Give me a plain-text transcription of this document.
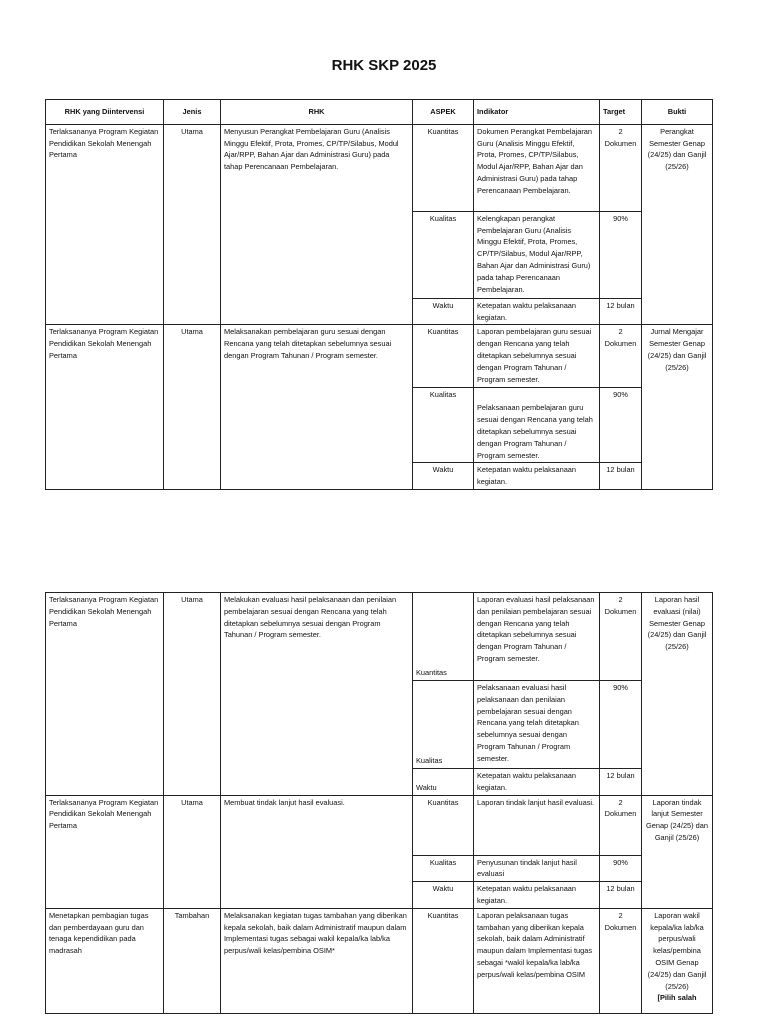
RHK SKP 2025
RHK yang Diintervensi	Jenis	RHK	ASPEK	Indikator	Target	Bukti
Terlaksananya Program Kegiatan Pendidikan Sekolah Menengah Pertama	Utama	Menyusun Perangkat Pembelajaran Guru (Analisis Minggu Efektif, Prota, Promes, CP/TP/Silabus, Modul Ajar/RPP, Bahan Ajar dan Administrasi Guru) pada tahap Perencanaan Pembelajaran.	Kuantitas	Dokumen Perangkat Pembelajaran Guru (Analisis Minggu Efektif, Prota, Promes, CP/TP/Silabus, Modul Ajar/RPP, Bahan Ajar dan Administrasi Guru) pada tahap Perencanaan Pembelajaran.	2 Dokumen	Perangkat Semester Genap (24/25) dan Ganjil (25/26)
			Kualitas	Kelengkapan perangkat Pembelajaran Guru (Analisis Minggu Efektif, Prota, Promes, CP/TP/Silabus, Modul Ajar/RPP, Bahan Ajar dan Administrasi Guru) pada tahap Perencanaan Pembelajaran.	90%	
			Waktu	Ketepatan waktu pelaksanaan kegiatan.	12 bulan	
Terlaksananya Program Kegiatan Pendidikan Sekolah Menengah Pertama	Utama	Melaksanakan pembelajaran guru sesuai dengan Rencana yang telah ditetapkan sebelumnya sesuai dengan Program Tahunan / Program semester.	Kuantitas	Laporan pembelajaran guru sesuai dengan Rencana yang telah ditetapkan sebelumnya sesuai dengan Program Tahunan / Program semester.	2 Dokumen	Jurnal Mengajar Semester Genap (24/25) dan Ganjil (25/26)
			Kualitas	Pelaksanaan pembelajaran guru sesuai dengan Rencana yang telah ditetapkan sebelumnya sesuai dengan Program Tahunan / Program semester.	90%	
			Waktu	Ketepatan waktu pelaksanaan kegiatan.	12 bulan	
Terlaksananya Program Kegiatan Pendidikan Sekolah Menengah Pertama	Utama	Melakukan evaluasi hasil pelaksanaan dan penilaian pembelajaran sesuai dengan Rencana yang telah ditetapkan sebelumnya sesuai dengan Program Tahunan / Program semester.	Kuantitas	Laporan evaluasi hasil pelaksanaan dan penilaian pembelajaran sesuai dengan Rencana yang telah ditetapkan sebelumnya sesuai dengan Program Tahunan / Program semester.	2 Dokumen	Laporan hasil evaluasi (nilai) Semester Genap (24/25) dan Ganjil (25/26)
			Kualitas	Pelaksanaan evaluasi hasil pelaksanaan dan penilaian pembelajaran sesuai dengan Rencana yang telah ditetapkan sebelumnya sesuai dengan Program Tahunan / Program semester.	90%	
			Waktu	Ketepatan waktu pelaksanaan kegiatan.	12 bulan	
Terlaksananya Program Kegiatan Pendidikan Sekolah Menengah Pertama	Utama	Membuat tindak lanjut hasil evaluasi.	Kuantitas	Laporan tindak lanjut hasil evaluasi.	2 Dokumen	Laporan tindak lanjut Semester Genap (24/25) dan Ganjil (25/26)
			Kualitas	Penyusunan tindak lanjut hasil evaluasi	90%	
			Waktu	Ketepatan waktu pelaksanaan kegiatan.	12 bulan	
Menetapkan pembagian tugas dan pemberdayaan guru dan tenaga kependidikan pada madrasah	Tambahan	Melaksanakan kegiatan tugas tambahan yang diberikan kepala sekolah, baik dalam Administratif maupun dalam Implementasi tugas sebagai wakil kepala/ka lab/ka perpus/wali kelas/pembina OSIM*	Kuantitas	Laporan pelaksanaan tugas tambahan yang diberikan kepala sekolah, baik dalam Administratif maupun dalam Implementasi tugas sebagai *wakil kepala/ka lab/ka perpus/wali kelas/pembina OSIM	2 Dokumen	Laporan wakil kepala/ka lab/ka perpus/wali kelas/pembina OSIM Genap (24/25) dan Ganjil (25/26)
[Pilih salah
